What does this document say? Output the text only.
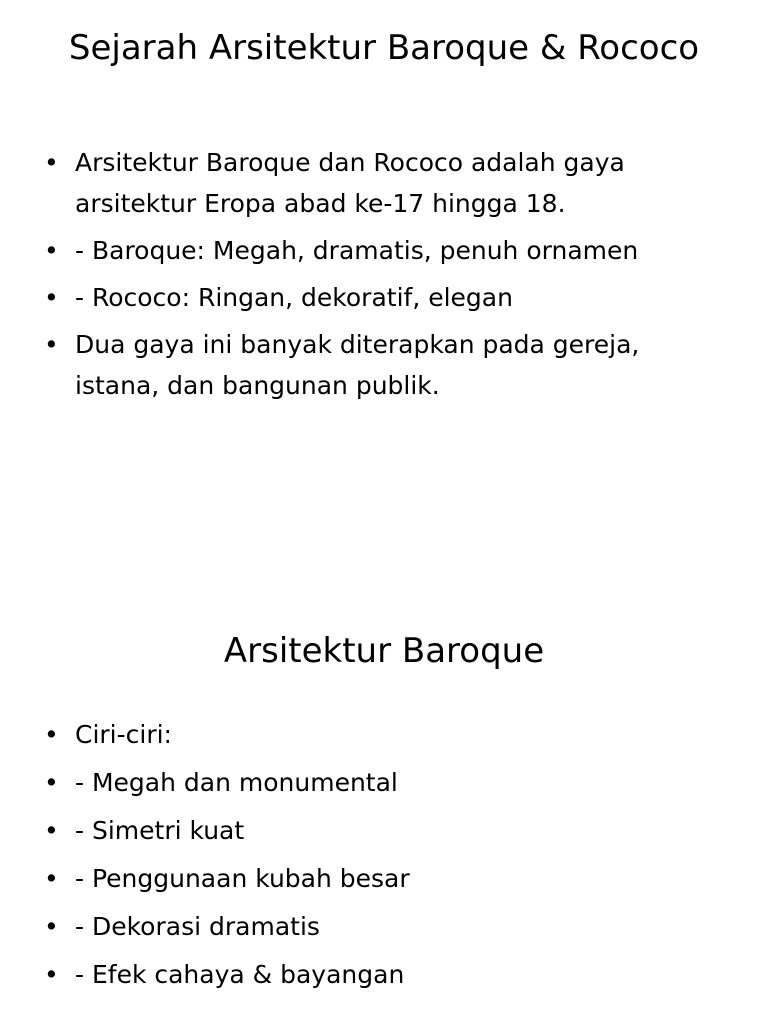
Sejarah Arsitektur Baroque & Rococo
• Arsitektur Baroque dan Rococo adalah gaya arsitektur Eropa abad ke-17 hingga 18.
• - Baroque: Megah, dramatis, penuh ornamen
• - Rococo: Ringan, dekoratif, elegan
• Dua gaya ini banyak diterapkan pada gereja, istana, dan bangunan publik.
Arsitektur Baroque
• Ciri-ciri:
• - Megah dan monumental
• - Simetri kuat
• - Penggunaan kubah besar
• - Dekorasi dramatis
• - Efek cahaya & bayangan
